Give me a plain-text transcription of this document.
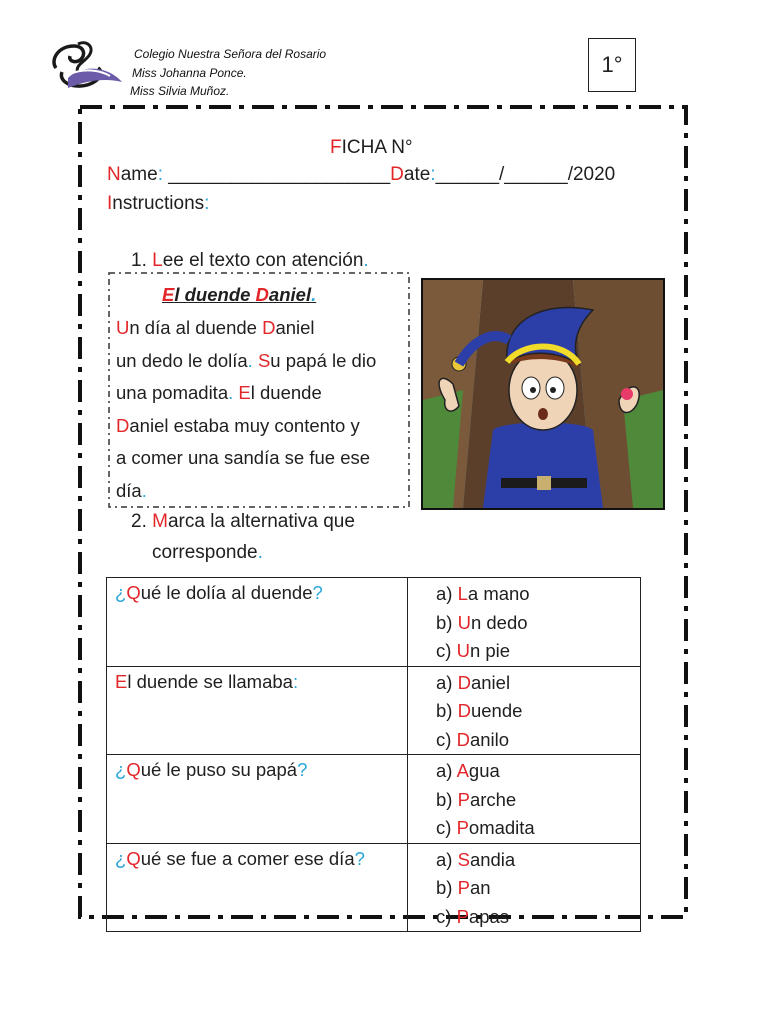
Colegio Nuestra Señora del Rosario
Miss Johanna Ponce.
Miss Silvia Muñoz.
1°
FICHA N°
Name: _____________________Date:______/______/2020
Instructions:
1. Lee el texto con atención.
El duende Daniel.
Un día al duende Daniel
un dedo le dolía. Su papá le dio
una pomadita. El duende
Daniel estaba muy contento y
a comer una sandía se fue ese
día.
2. Marca la alternativa que
corresponde.
¿Qué le dolía al duende?	a) La mano
b) Un dedo
c) Un pie

El duende se llamaba:	a) Daniel
b) Duende
c) Danilo

¿Qué le puso su papá?	a) Agua
b) Parche
c) Pomadita

¿Qué se fue a comer ese día?	a) Sandia
b) Pan
c) Papas
